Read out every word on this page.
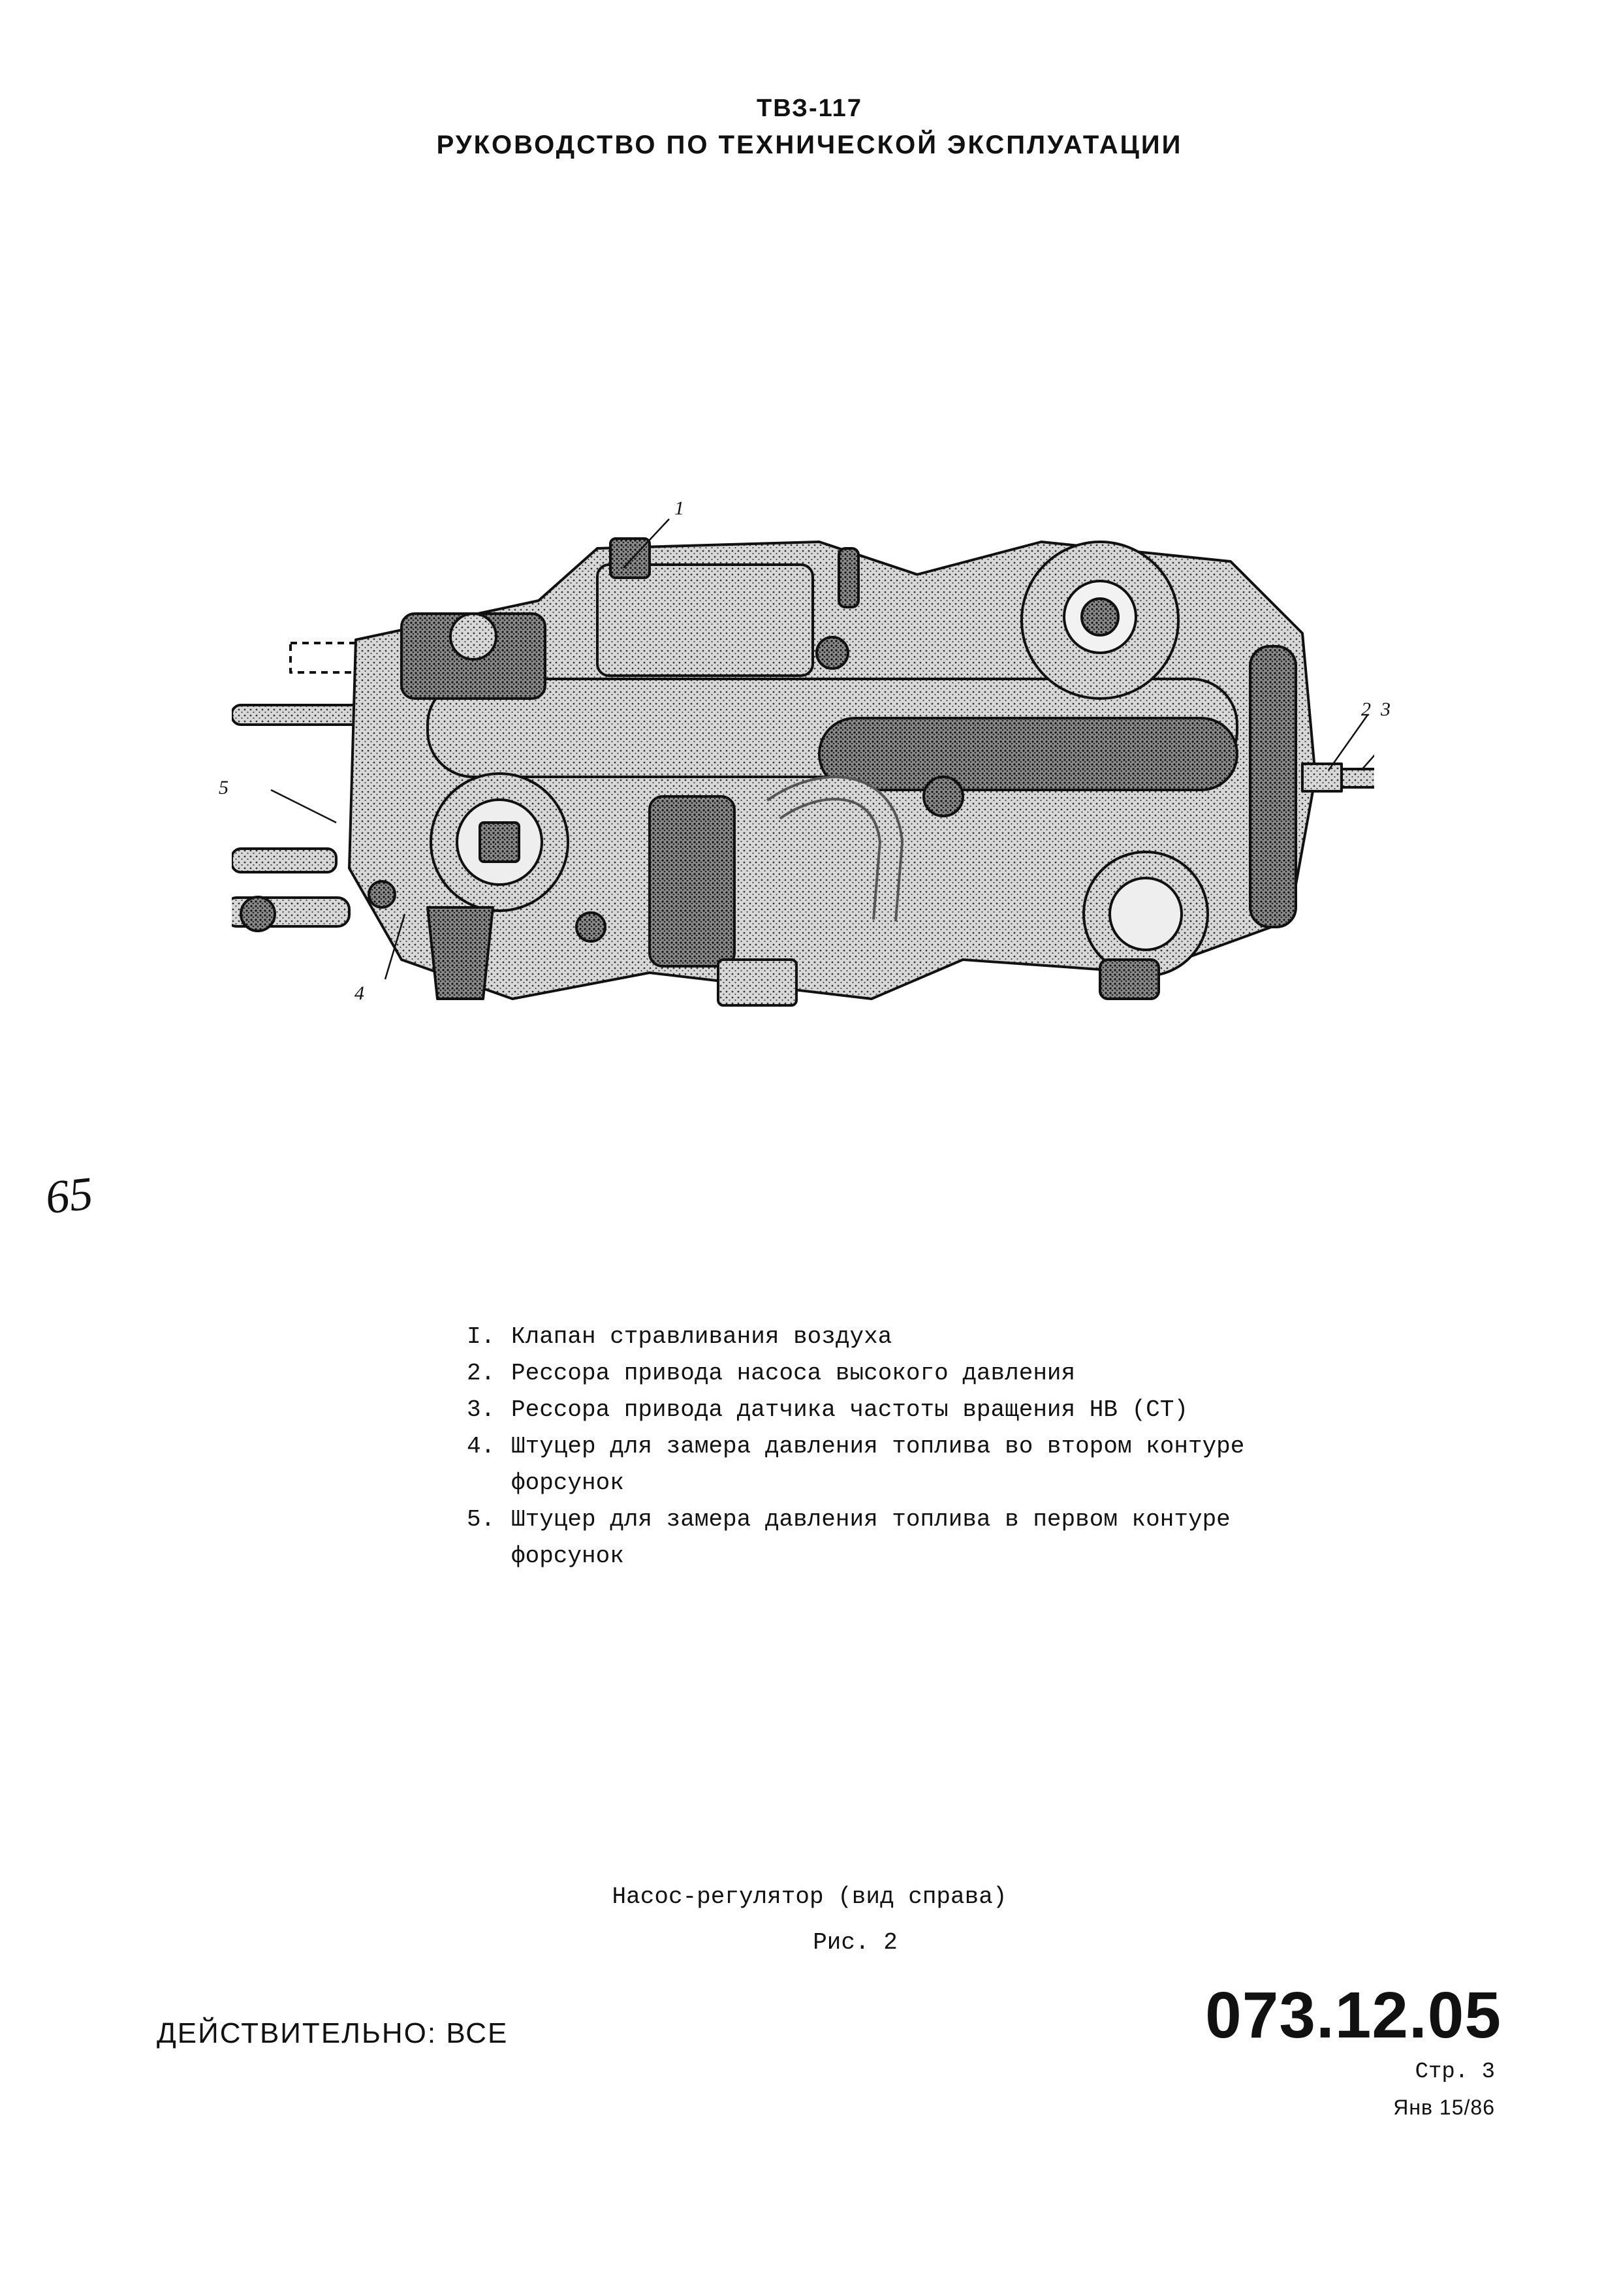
ТВЗ-117
РУКОВОДСТВО ПО ТЕХНИЧЕСКОЙ ЭКСПЛУАТАЦИИ
1
2 3
4
5
65
I. Клапан стравливания воздуха
2. Рессора привода насоса высокого давления
3. Рессора привода датчика частоты вращения НВ (СТ)
4. Штуцер для замера давления топлива во втором контуре форсунок
5. Штуцер для замера давления топлива в первом контуре форсунок
Насос-регулятор (вид справа)
Рис. 2
ДЕЙСТВИТЕЛЬНО: ВСЕ	073.12.05
Стр. 3
Янв 15/86
